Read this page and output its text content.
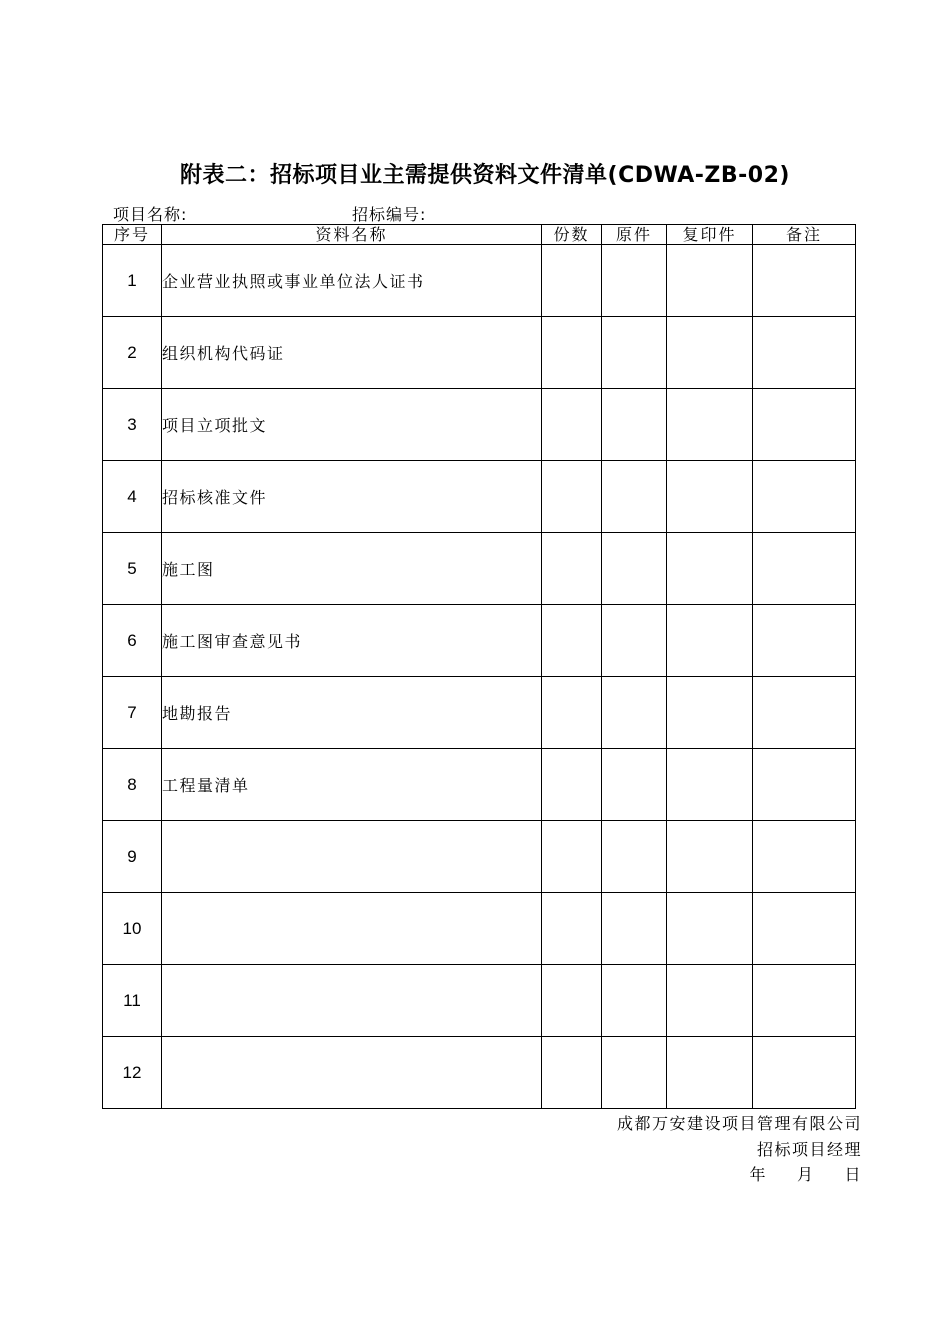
附表二：招标项目业主需提供资料文件清单(CDWA-ZB-02)
项目名称:	招标编号:
序号	资料名称	份数	原件	复印件	备注
1	企业营业执照或事业单位法人证书				
2	组织机构代码证				
3	项目立项批文				
4	招标核准文件				
5	施工图				
6	施工图审查意见书				
7	地勘报告				
8	工程量清单				
9					
10					
11					
12					
成都万安建设项目管理有限公司
招标项目经理
年 月 日
